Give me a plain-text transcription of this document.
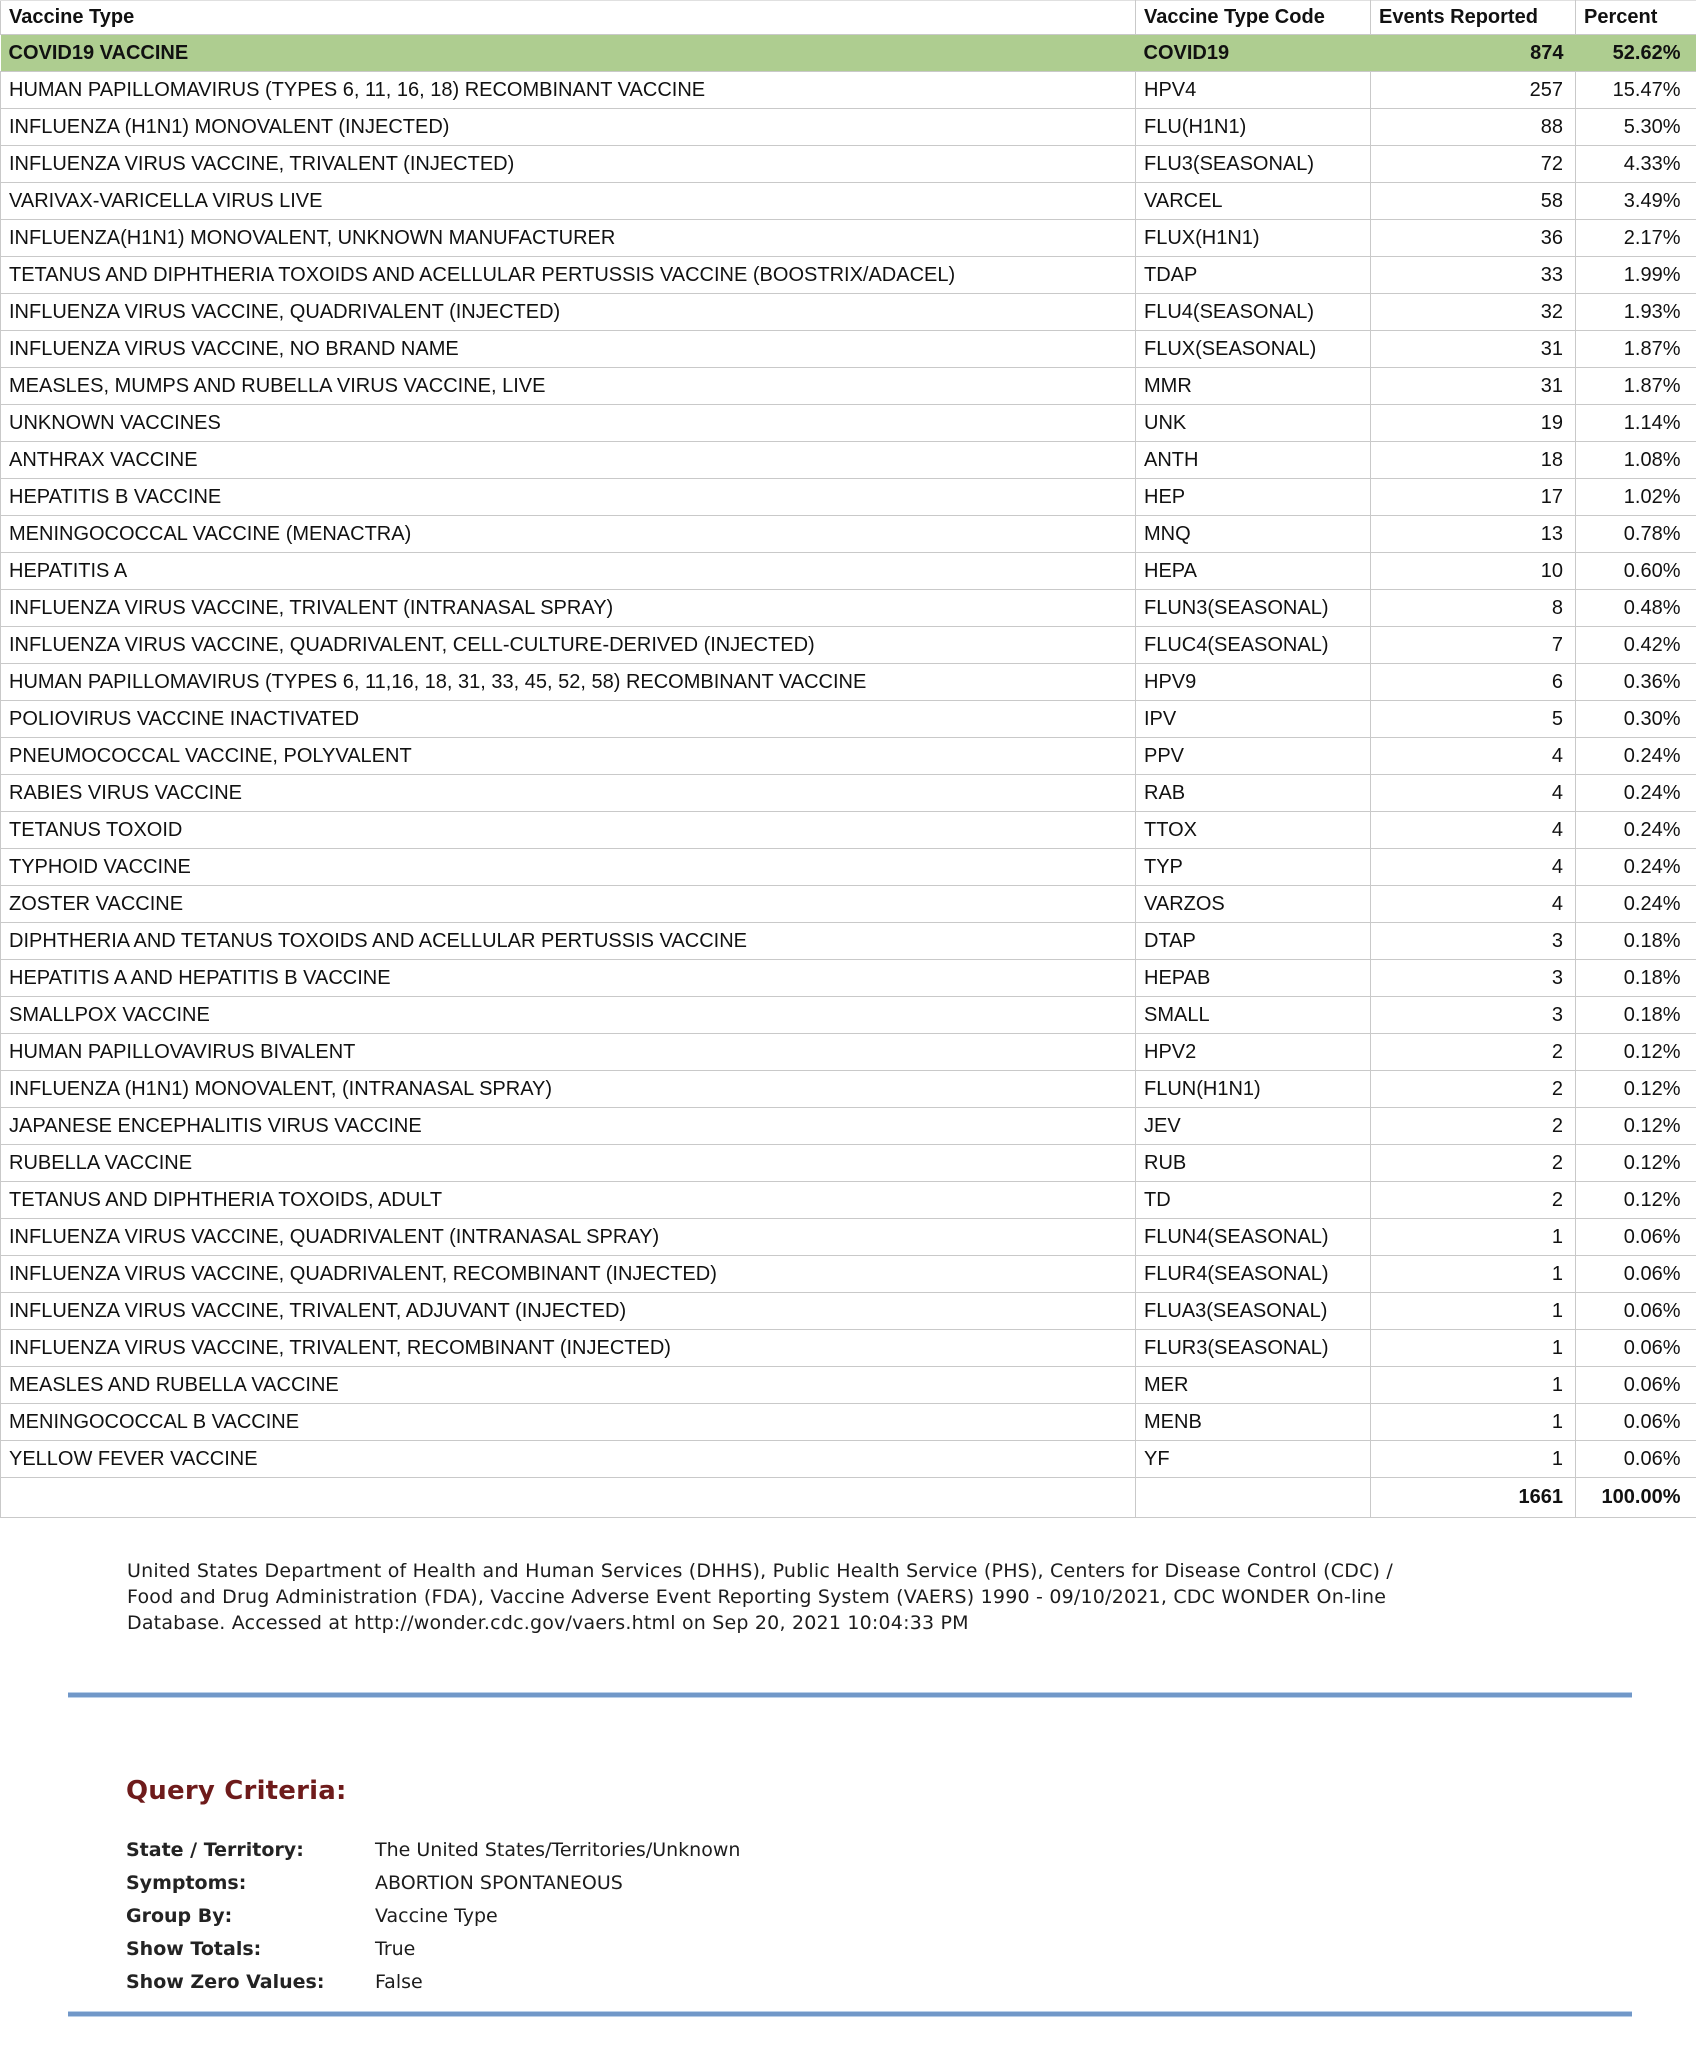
Vaccine Type	Vaccine Type Code	Events Reported	Percent
COVID19 VACCINE	COVID19	874	52.62%
HUMAN PAPILLOMAVIRUS (TYPES 6, 11, 16, 18) RECOMBINANT VACCINE	HPV4	257	15.47%
INFLUENZA (H1N1) MONOVALENT (INJECTED)	FLU(H1N1)	88	5.30%
INFLUENZA VIRUS VACCINE, TRIVALENT (INJECTED)	FLU3(SEASONAL)	72	4.33%
VARIVAX-VARICELLA VIRUS LIVE	VARCEL	58	3.49%
INFLUENZA(H1N1) MONOVALENT, UNKNOWN MANUFACTURER	FLUX(H1N1)	36	2.17%
TETANUS AND DIPHTHERIA TOXOIDS AND ACELLULAR PERTUSSIS VACCINE (BOOSTRIX/ADACEL)	TDAP	33	1.99%
INFLUENZA VIRUS VACCINE, QUADRIVALENT (INJECTED)	FLU4(SEASONAL)	32	1.93%
INFLUENZA VIRUS VACCINE, NO BRAND NAME	FLUX(SEASONAL)	31	1.87%
MEASLES, MUMPS AND RUBELLA VIRUS VACCINE, LIVE	MMR	31	1.87%
UNKNOWN VACCINES	UNK	19	1.14%
ANTHRAX VACCINE	ANTH	18	1.08%
HEPATITIS B VACCINE	HEP	17	1.02%
MENINGOCOCCAL VACCINE (MENACTRA)	MNQ	13	0.78%
HEPATITIS A	HEPA	10	0.60%
INFLUENZA VIRUS VACCINE, TRIVALENT (INTRANASAL SPRAY)	FLUN3(SEASONAL)	8	0.48%
INFLUENZA VIRUS VACCINE, QUADRIVALENT, CELL-CULTURE-DERIVED (INJECTED)	FLUC4(SEASONAL)	7	0.42%
HUMAN PAPILLOMAVIRUS (TYPES 6, 11,16, 18, 31, 33, 45, 52, 58) RECOMBINANT VACCINE	HPV9	6	0.36%
POLIOVIRUS VACCINE INACTIVATED	IPV	5	0.30%
PNEUMOCOCCAL VACCINE, POLYVALENT	PPV	4	0.24%
RABIES VIRUS VACCINE	RAB	4	0.24%
TETANUS TOXOID	TTOX	4	0.24%
TYPHOID VACCINE	TYP	4	0.24%
ZOSTER VACCINE	VARZOS	4	0.24%
DIPHTHERIA AND TETANUS TOXOIDS AND ACELLULAR PERTUSSIS VACCINE	DTAP	3	0.18%
HEPATITIS A AND HEPATITIS B VACCINE	HEPAB	3	0.18%
SMALLPOX VACCINE	SMALL	3	0.18%
HUMAN PAPILLOVAVIRUS BIVALENT	HPV2	2	0.12%
INFLUENZA (H1N1) MONOVALENT, (INTRANASAL SPRAY)	FLUN(H1N1)	2	0.12%
JAPANESE ENCEPHALITIS VIRUS VACCINE	JEV	2	0.12%
RUBELLA VACCINE	RUB	2	0.12%
TETANUS AND DIPHTHERIA TOXOIDS, ADULT	TD	2	0.12%
INFLUENZA VIRUS VACCINE, QUADRIVALENT (INTRANASAL SPRAY)	FLUN4(SEASONAL)	1	0.06%
INFLUENZA VIRUS VACCINE, QUADRIVALENT, RECOMBINANT (INJECTED)	FLUR4(SEASONAL)	1	0.06%
INFLUENZA VIRUS VACCINE, TRIVALENT, ADJUVANT (INJECTED)	FLUA3(SEASONAL)	1	0.06%
INFLUENZA VIRUS VACCINE, TRIVALENT, RECOMBINANT (INJECTED)	FLUR3(SEASONAL)	1	0.06%
MEASLES AND RUBELLA VACCINE	MER	1	0.06%
MENINGOCOCCAL B VACCINE	MENB	1	0.06%
YELLOW FEVER VACCINE	YF	1	0.06%
		1661	100.00%
United States Department of Health and Human Services (DHHS), Public Health Service (PHS), Centers for Disease Control (CDC) /
Food and Drug Administration (FDA), Vaccine Adverse Event Reporting System (VAERS) 1990 - 09/10/2021, CDC WONDER On-line
Database. Accessed at http://wonder.cdc.gov/vaers.html on Sep 20, 2021 10:04:33 PM
Query Criteria:
State / Territory:	The United States/Territories/Unknown
Symptoms:	ABORTION SPONTANEOUS
Group By:	Vaccine Type
Show Totals:	True
Show Zero Values:	False
